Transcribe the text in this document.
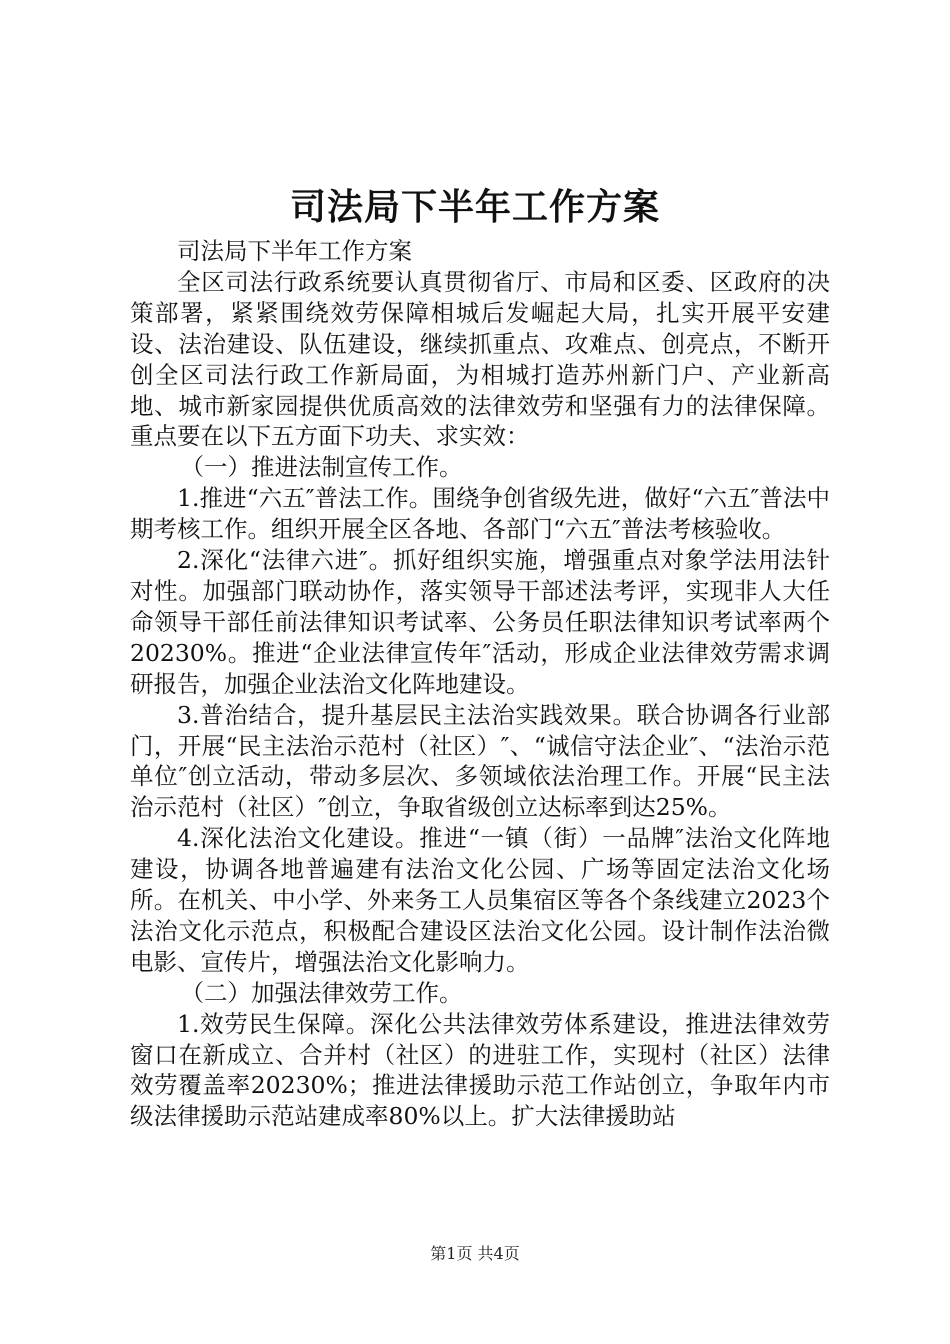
司法局下半年工作方案

司法局下半年工作方案

全区司法行政系统要认真贯彻省厅、市局和区委、区政府的决策部署，紧紧围绕效劳保障相城后发崛起大局，扎实开展平安建设、法治建设、队伍建设，继续抓重点、攻难点、创亮点，不断开创全区司法行政工作新局面，为相城打造苏州新门户、产业新高地、城市新家园提供优质高效的法律效劳和坚强有力的法律保障。重点要在以下五方面下功夫、求实效：

（一）推进法制宣传工作。

1.推进“六五″普法工作。围绕争创省级先进，做好“六五″普法中期考核工作。组织开展全区各地、各部门“六五″普法考核验收。

2.深化“法律六进″。抓好组织实施，增强重点对象学法用法针对性。加强部门联动协作，落实领导干部述法考评，实现非人大任命领导干部任前法律知识考试率、公务员任职法律知识考试率两个20230%。推进“企业法律宣传年″活动，形成企业法律效劳需求调研报告，加强企业法治文化阵地建设。

3.普治结合，提升基层民主法治实践效果。联合协调各行业部门，开展“民主法治示范村（社区）″、“诚信守法企业″、“法治示范单位″创立活动，带动多层次、多领域依法治理工作。开展“民主法治示范村（社区）″创立，争取省级创立达标率到达25%。

4.深化法治文化建设。推进“一镇（街）一品牌″法治文化阵地建设，协调各地普遍建有法治文化公园、广场等固定法治文化场所。在机关、中小学、外来务工人员集宿区等各个条线建立2023个法治文化示范点，积极配合建设区法治文化公园。设计制作法治微电影、宣传片，增强法治文化影响力。

（二）加强法律效劳工作。

1.效劳民生保障。深化公共法律效劳体系建设，推进法律效劳窗口在新成立、合并村（社区）的进驻工作，实现村（社区）法律效劳覆盖率20230%；推进法律援助示范工作站创立，争取年内市级法律援助示范站建成率80%以上。扩大法律援助站

第1页 共4页
